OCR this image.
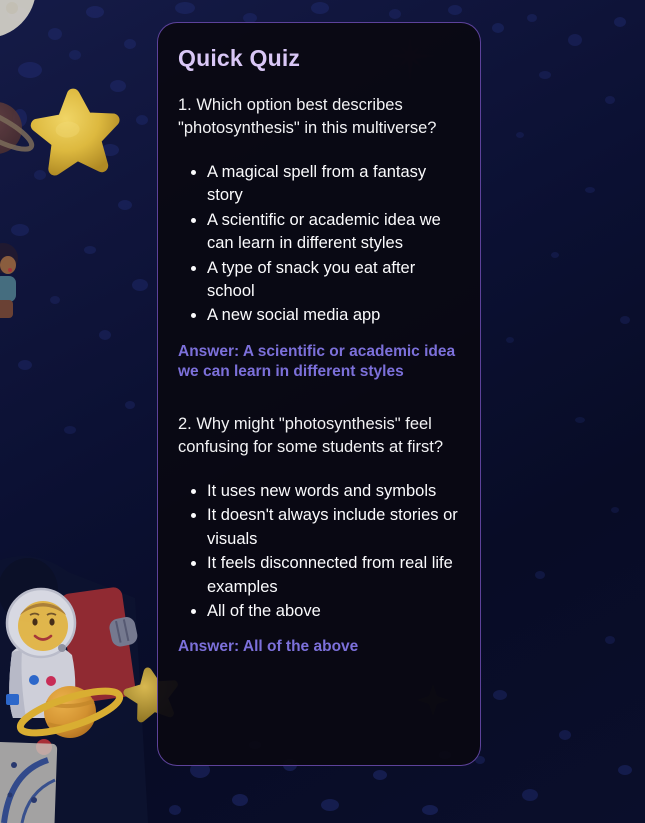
Quick Quiz

1. Which option best describes "photosynthesis" in this multiverse?

• A magical spell from a fantasy story
• A scientific or academic idea we can learn in different styles
• A type of snack you eat after school
• A new social media app

Answer: A scientific or academic idea we can learn in different styles

2. Why might "photosynthesis" feel confusing for some students at first?

• It uses new words and symbols
• It doesn't always include stories or visuals
• It feels disconnected from real life examples
• All of the above

Answer: All of the above
